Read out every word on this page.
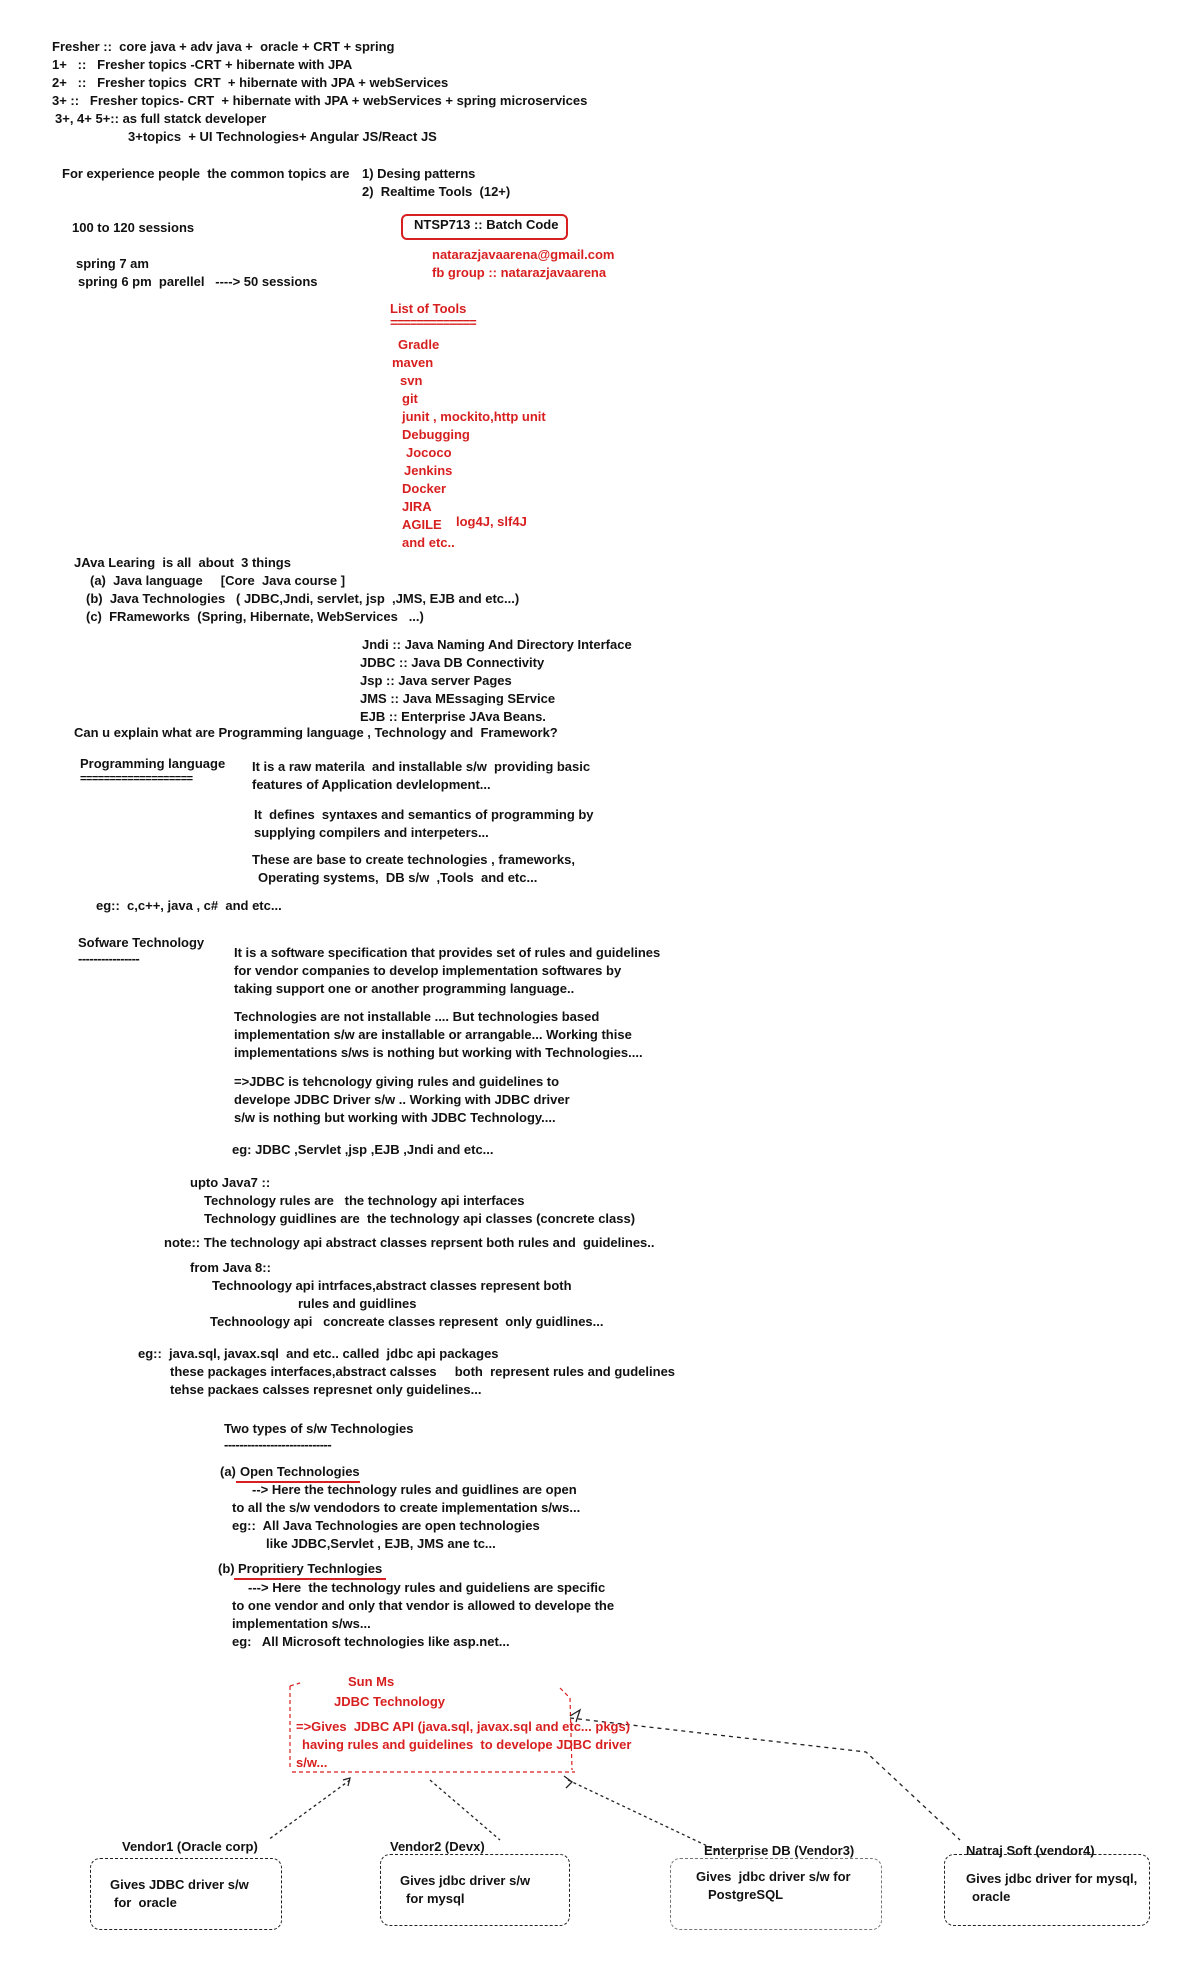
Fresher ::  core java + adv java +  oracle + CRT + spring
1+   ::   Fresher topics -CRT + hibernate with JPA
2+   ::   Fresher topics  CRT  + hibernate with JPA + webServices
3+ ::   Fresher topics- CRT  + hibernate with JPA + webServices + spring microservices
3+, 4+ 5+:: as full statck developer
3+topics  + UI Technologies+ Angular JS/React JS
For experience people  the common topics are 1) Desing patterns
2)  Realtime Tools  (12+)
100 to 120 sessions
spring 7 am
spring 6 pm  parellel   ----> 50 sessions
NTSP713 :: Batch Code
natarazjavaarena@gmail.com
fb group :: natarazjavaarena
List of Tools
=============
Gradle
maven
svn
git
junit , mockito,http unit
Debugging
Jococo
Jenkins
Docker
JIRA
AGILE log4J, slf4J
and etc..
JAva Learing  is all  about  3 things
(a)  Java language     [Core  Java course ]
(b)  Java Technologies   ( JDBC,Jndi, servlet, jsp  ,JMS, EJB and etc...)
(c)  FRameworks  (Spring, Hibernate, WebServices   ...)
Jndi :: Java Naming And Directory Interface
JDBC :: Java DB Connectivity
Jsp :: Java server Pages
JMS :: Java MEssaging SErvice
EJB :: Enterprise JAva Beans.
Can u explain what are Programming language , Technology and  Framework?
Programming language
===================
It is a raw materila  and installable s/w  providing basic
features of Application devlelopment...
It  defines  syntaxes and semantics of programming by
supplying compilers and interpeters...
These are base to create technologies , frameworks,
Operating systems,  DB s/w  ,Tools  and etc...
eg::  c,c++, java , c#  and etc...
Sofware Technology
----------------	It is a software specification that provides set of rules and guidelines
for vendor companies to develop implementation softwares by
taking support one or another programming language..
Technologies are not installable .... But technologies based
implementation s/w are installable or arrangable... Working thise
implementations s/ws is nothing but working with Technologies....
=>JDBC is tehcnology giving rules and guidelines to
develope JDBC Driver s/w .. Working with JDBC driver
s/w is nothing but working with JDBC Technology....
eg: JDBC ,Servlet ,jsp ,EJB ,Jndi and etc...
upto Java7 ::
Technology rules are   the technology api interfaces
Technology guidlines are  the technology api classes (concrete class)
note:: The technology api abstract classes reprsent both rules and  guidelines..
from Java 8::
Technoology api intrfaces,abstract classes represent both
rules and guidlines
Technoology api   concreate classes represent  only guidlines...
eg::  java.sql, javax.sql  and etc.. called  jdbc api packages
these packages interfaces,abstract calsses     both  represent rules and gudelines
tehse packaes calsses represnet only guidelines...
Two types of s/w Technologies
----------------------------
(a) Open Technologies
--> Here the technology rules and guidlines are open
to all the s/w vendodors to create implementation s/ws...
eg::  All Java Technologies are open technologies
like JDBC,Servlet , EJB, JMS ane tc...
(b) Propritiery Technlogies
---> Here  the technology rules and guideliens are specific
to one vendor and only that vendor is allowed to develope the
implementation s/ws...
eg:   All Microsoft technologies like asp.net...
Sun Ms
JDBC Technology
=>Gives  JDBC API (java.sql, javax.sql and etc... pkgs)
having rules and guidelines  to develope JDBC driver
s/w...
Vendor1 (Oracle corp)
Gives JDBC driver s/w
for  oracle
Vendor2 (Devx)
Gives jdbc driver s/w
for mysql
Enterprise DB (Vendor3)
Gives  jdbc driver s/w for
PostgreSQL
Natraj Soft (vendor4)
Gives jdbc driver for mysql,
oracle
